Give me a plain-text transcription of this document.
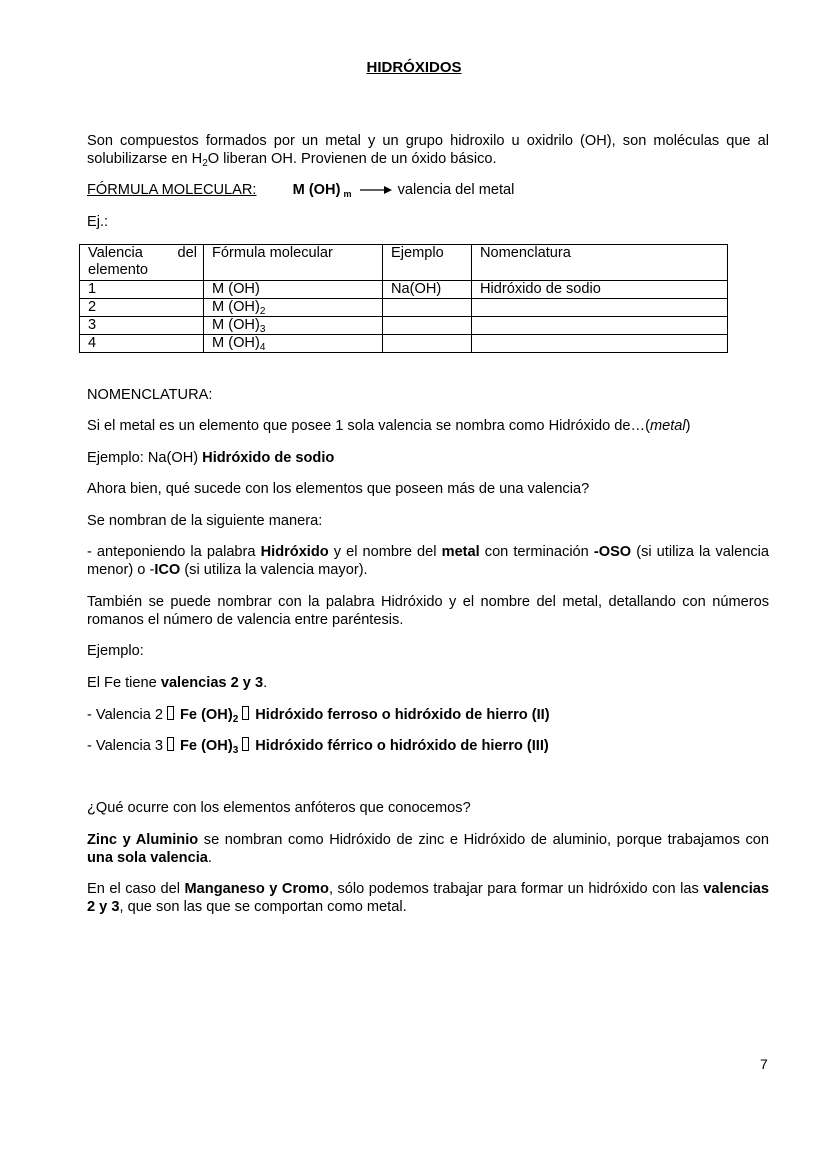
HIDRÓXIDOS
Son compuestos formados por un metal y un grupo hidroxilo u oxidrilo (OH), son moléculas que al solubilizarse en $H_2O$ liberan OH. Provienen de un óxido básico.
FÓRMULA MOLECULAR: M (OH) $_m$	valencia del metal
Ej.:
Valencia del
elemento	Fórmula molecular	Ejemplo	Nomenclatura
1	M (OH)	Na(OH)	Hidróxido de sodio
2	M $(OH)_2$		
3	M $(OH)_3$		
4	M $(OH)_4$		
NOMENCLATURA:
Si el metal es un elemento que posee 1 sola valencia se nombra como Hidróxido de…(metal)
Ejemplo: Na(OH) Hidróxido de sodio
Ahora bien, qué sucede con los elementos que poseen más de una valencia?
Se nombran de la siguiente manera:
- anteponiendo la palabra Hidróxido y el nombre del metal con terminación -OSO (si utiliza la valencia menor) o -ICO (si utiliza la valencia mayor).
También se puede nombrar con la palabra Hidróxido y el nombre del metal, detallando con números romanos el número de valencia entre paréntesis.
Ejemplo:
El Fe tiene valencias 2 y 3.
- Valencia 2 Fe $(OH)_2$ Hidróxido ferroso o hidróxido de hierro (II)
- Valencia 3 Fe $(OH)_3$ Hidróxido férrico o hidróxido de hierro (III)
¿Qué ocurre con los elementos anfóteros que conocemos?
Zinc y Aluminio se nombran como Hidróxido de zinc e Hidróxido de aluminio, porque trabajamos con una sola valencia.
En el caso del Manganeso y Cromo, sólo podemos trabajar para formar un hidróxido con las valencias 2 y 3, que son las que se comportan como metal.
7
